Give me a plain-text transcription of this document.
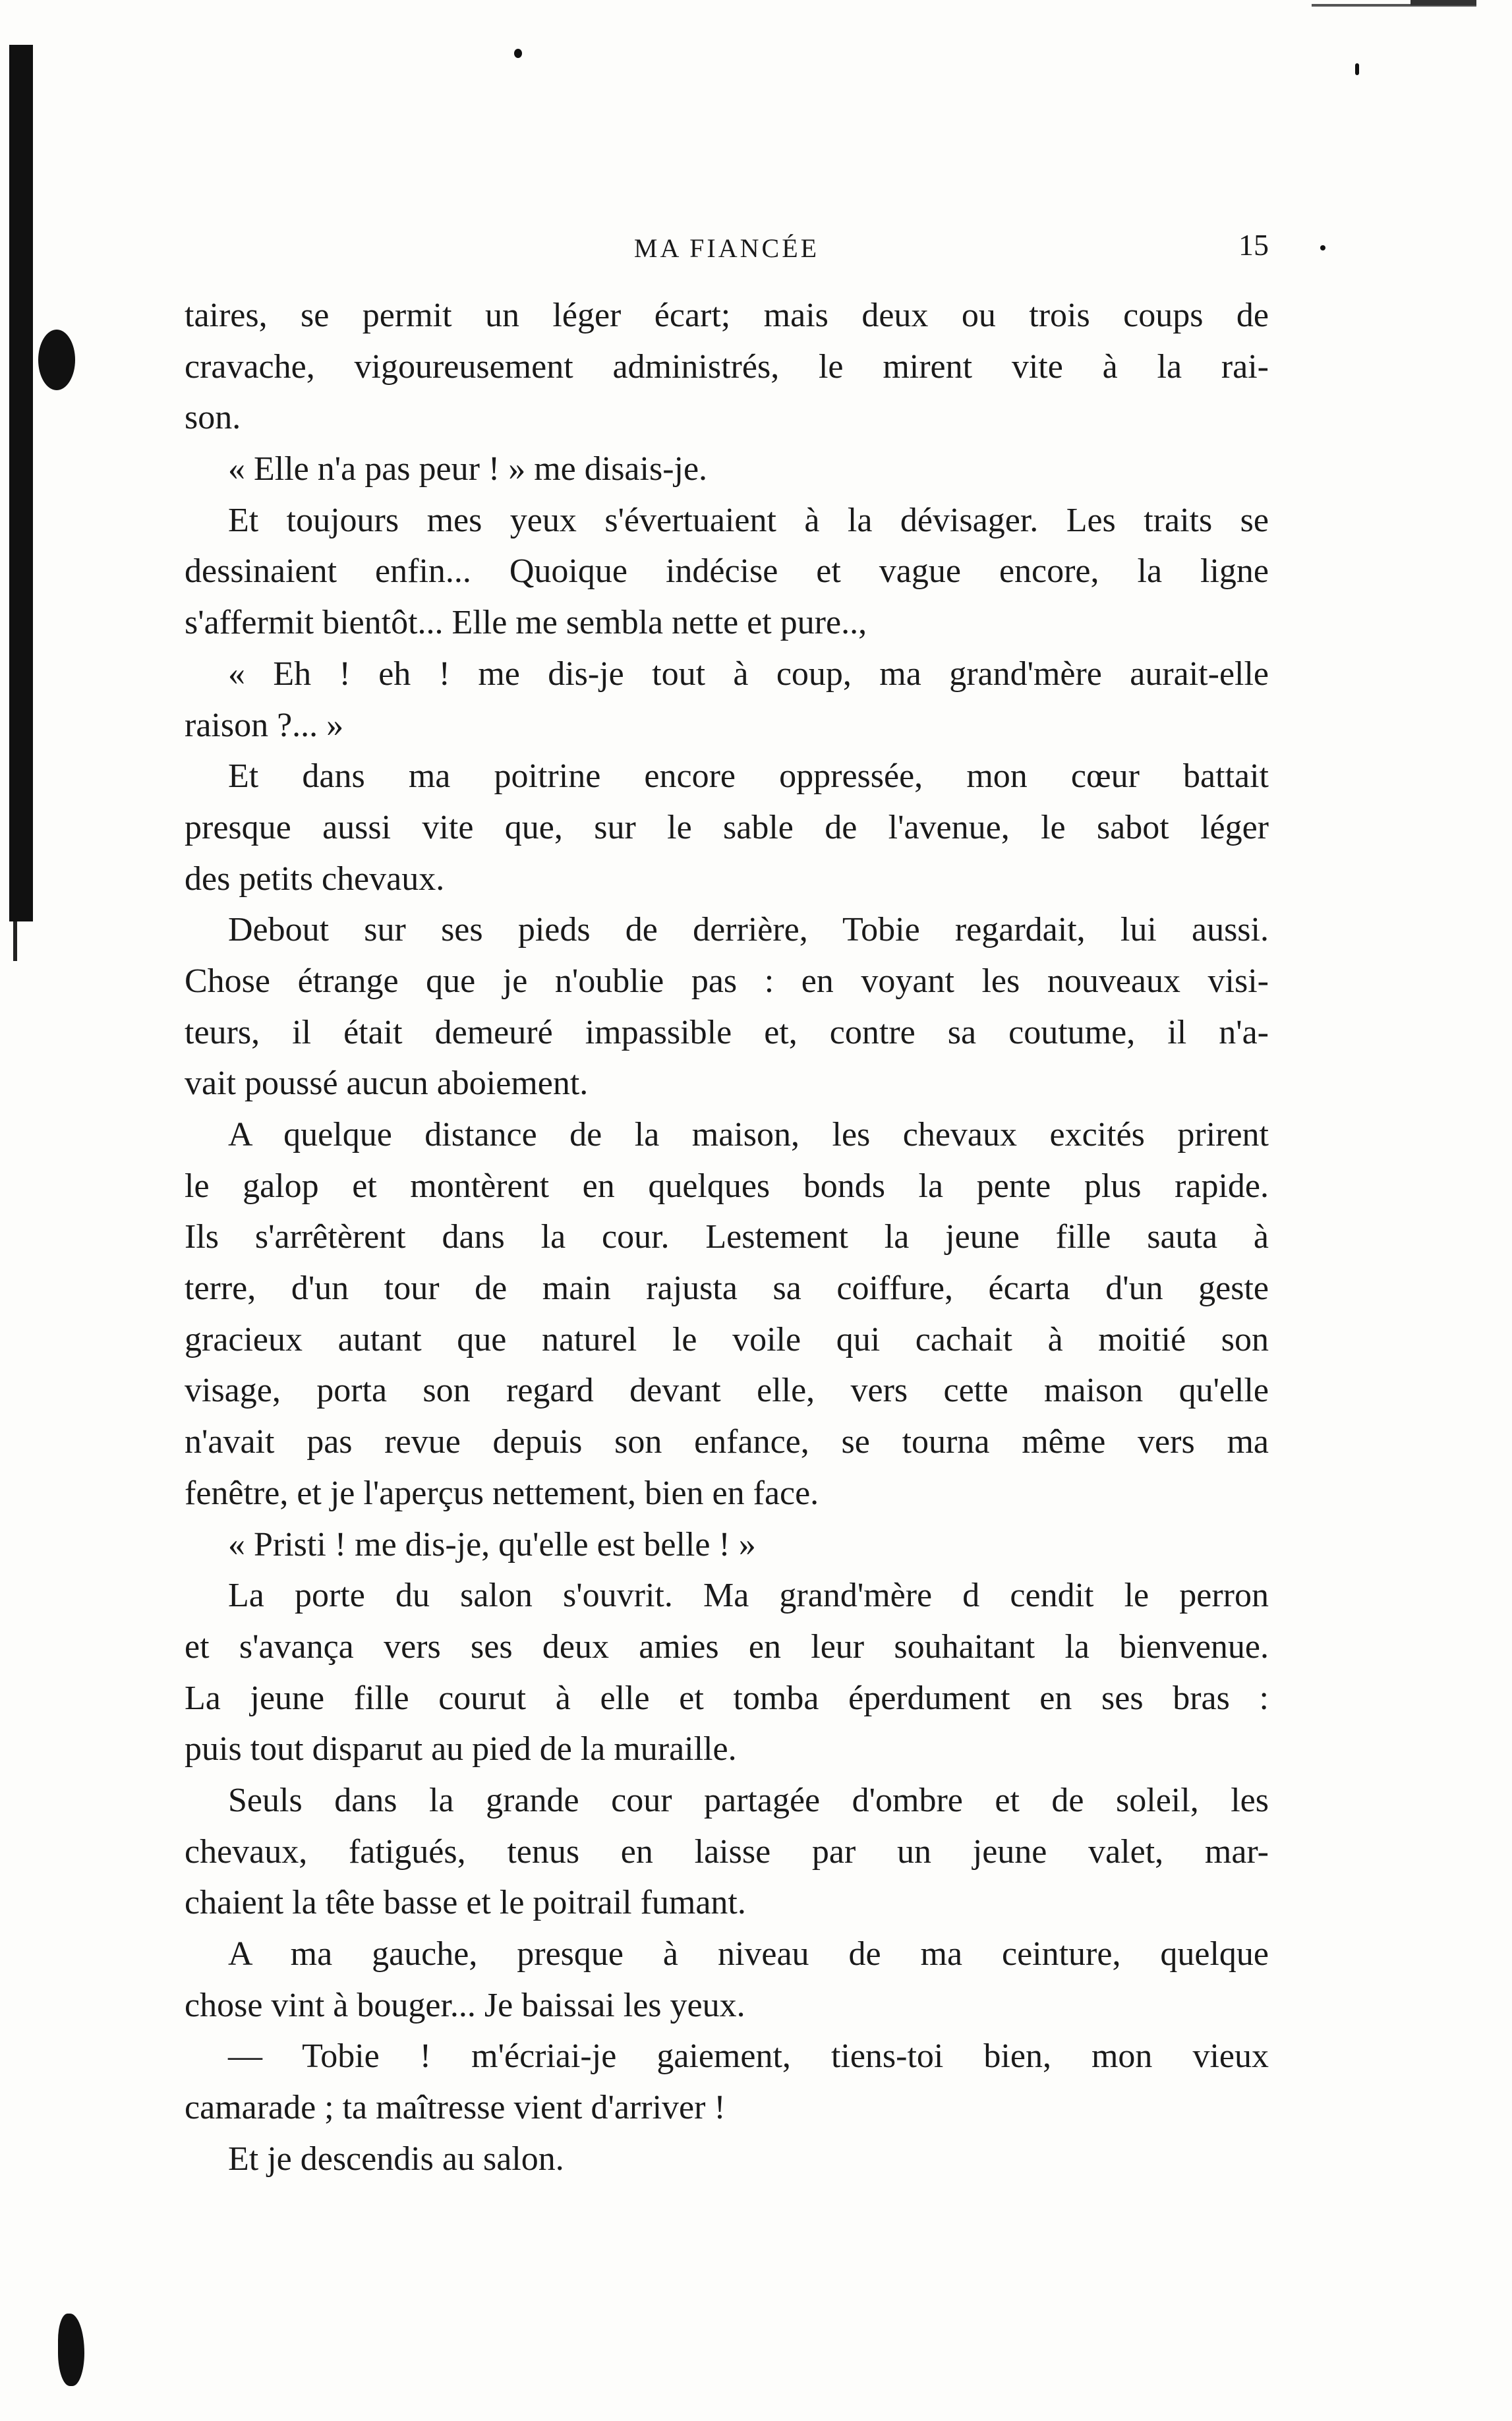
MA FIANCÉE	15
taires, se permit un léger écart; mais deux ou trois coups de
cravache, vigoureusement administrés, le mirent vite à la rai-
son.
« Elle n'a pas peur ! » me disais-je.
Et toujours mes yeux s'évertuaient à la dévisager. Les traits se
dessinaient enfin... Quoique indécise et vague encore, la ligne
s'affermit bientôt... Elle me sembla nette et pure..,
« Eh ! eh ! me dis-je tout à coup, ma grand'mère aurait-elle
raison ?... »
Et dans ma poitrine encore oppressée, mon cœur battait
presque aussi vite que, sur le sable de l'avenue, le sabot léger
des petits chevaux.
Debout sur ses pieds de derrière, Tobie regardait, lui aussi.
Chose étrange que je n'oublie pas : en voyant les nouveaux visi-
teurs, il était demeuré impassible et, contre sa coutume, il n'a-
vait poussé aucun aboiement.
A quelque distance de la maison, les chevaux excités prirent
le galop et montèrent en quelques bonds la pente plus rapide.
Ils s'arrêtèrent dans la cour. Lestement la jeune fille sauta à
terre, d'un tour de main rajusta sa coiffure, écarta d'un geste
gracieux autant que naturel le voile qui cachait à moitié son
visage, porta son regard devant elle, vers cette maison qu'elle
n'avait pas revue depuis son enfance, se tourna même vers ma
fenêtre, et je l'aperçus nettement, bien en face.
« Pristi ! me dis-je, qu'elle est belle ! »
La porte du salon s'ouvrit. Ma grand'mère d cendit le perron
et s'avança vers ses deux amies en leur souhaitant la bienvenue.
La jeune fille courut à elle et tomba éperdument en ses bras :
puis tout disparut au pied de la muraille.
Seuls dans la grande cour partagée d'ombre et de soleil, les
chevaux, fatigués, tenus en laisse par un jeune valet, mar-
chaient la tête basse et le poitrail fumant.
A ma gauche, presque à niveau de ma ceinture, quelque
chose vint à bouger... Je baissai les yeux.
— Tobie ! m'écriai-je gaiement, tiens-toi bien, mon vieux
camarade ; ta maîtresse vient d'arriver !
Et je descendis au salon.
